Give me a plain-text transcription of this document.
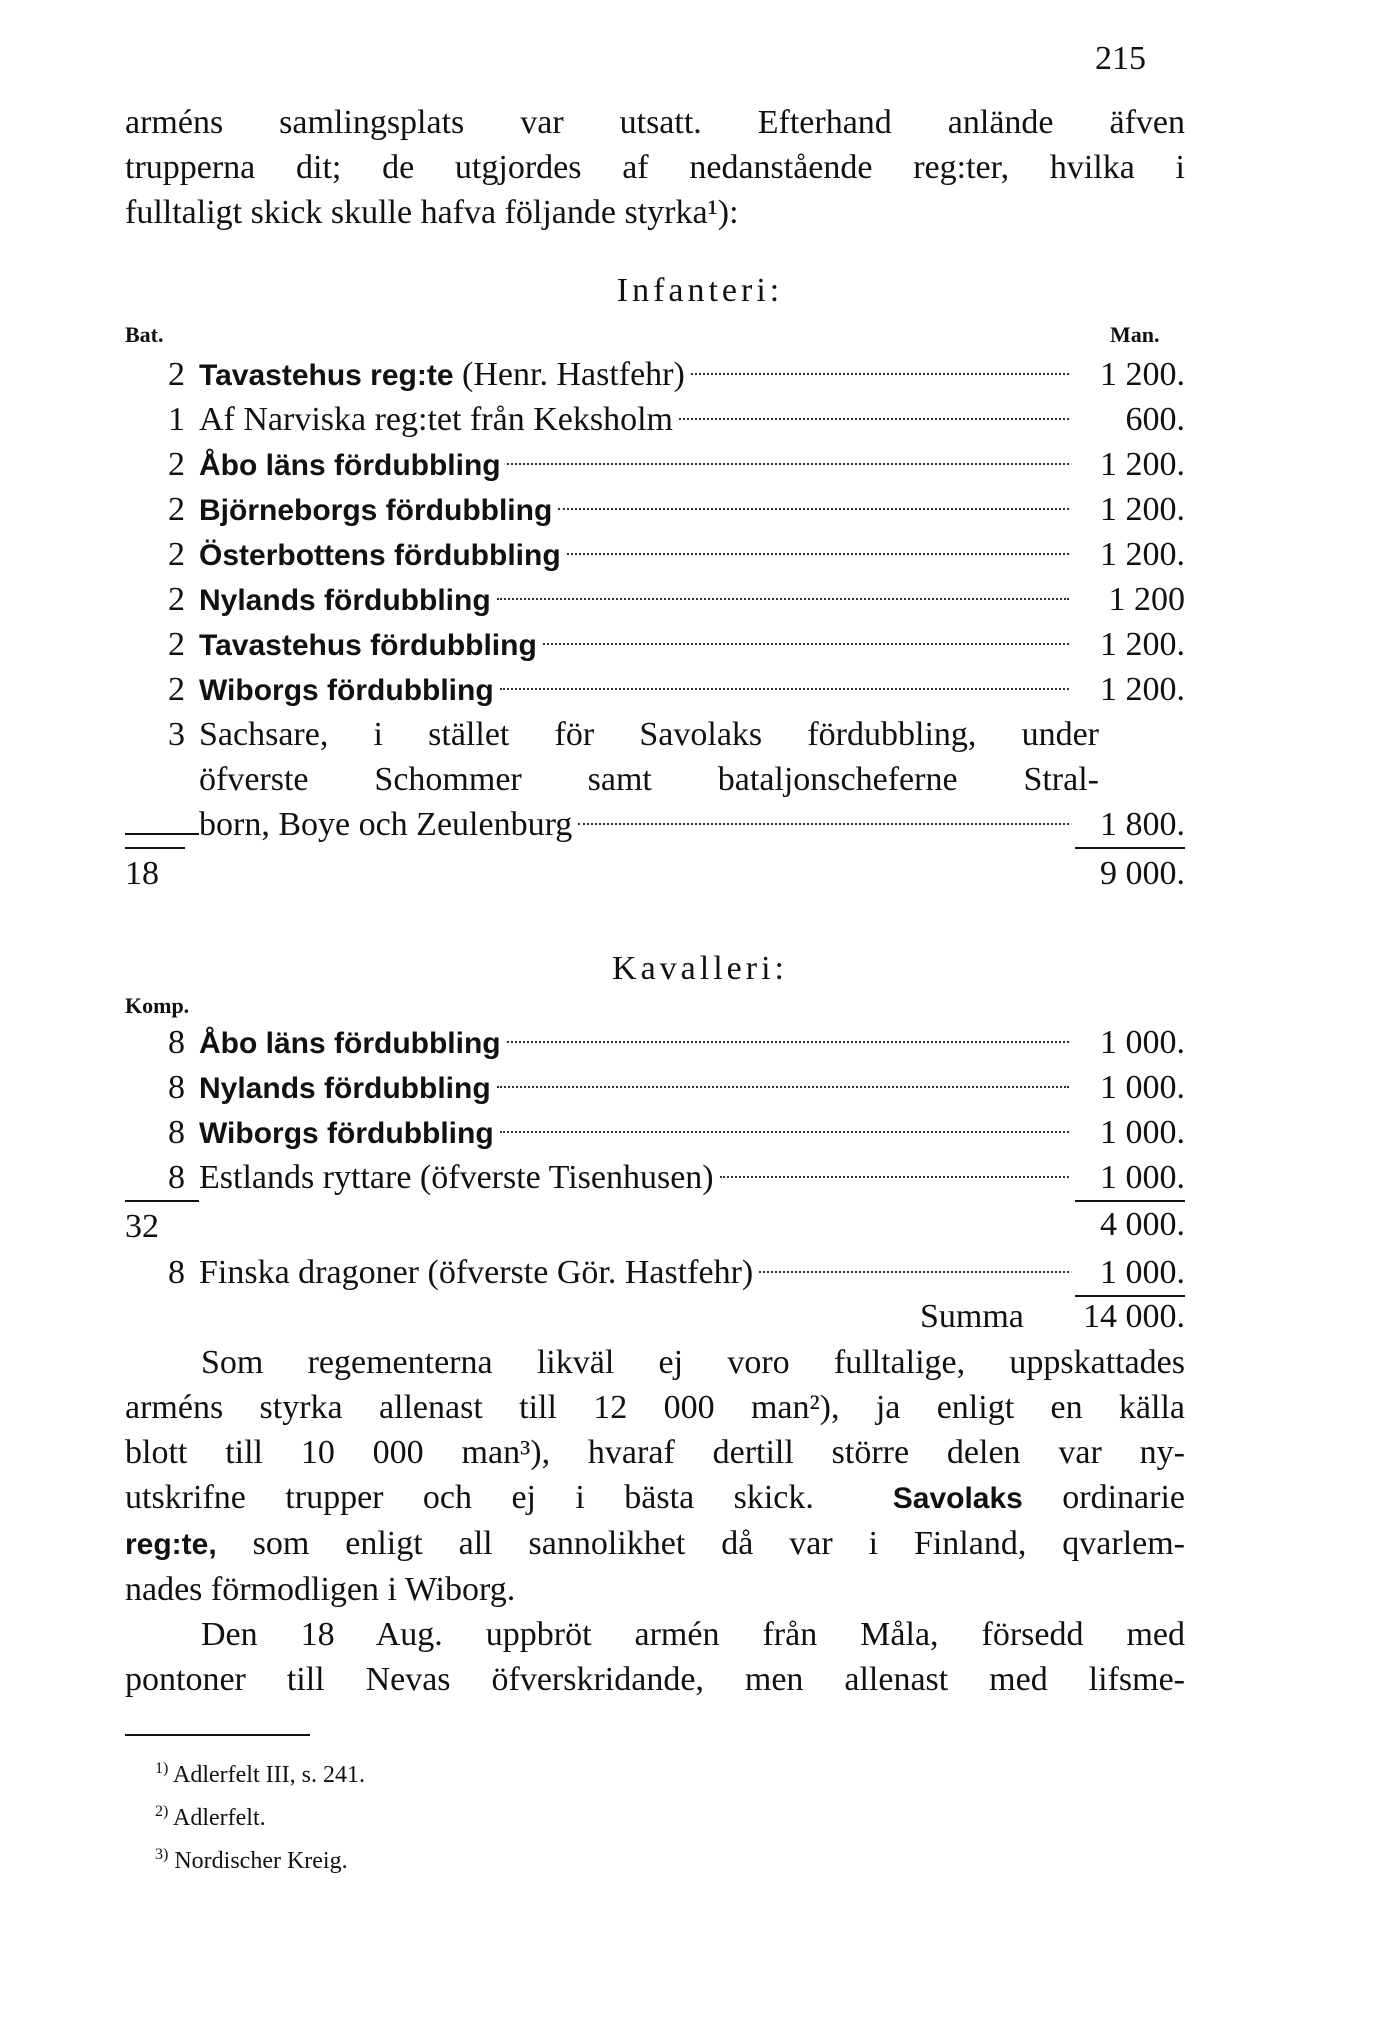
215
arméns samlingsplats var utsatt. Efterhand anlände äfven
trupperna dit; de utgjordes af nedanstående reg:ter, hvilka i
fulltaligt skick skulle hafva följande styrka¹):
Infanteri:
Bat.	Man.
2 Tavastehus reg:te (Henr. Hastfehr)	1 200.
1 Af Narviska reg:tet från Keksholm	600.
2 Åbo läns fördubbling	1 200.
2 Björneborgs fördubbling	1 200.
2 Österbottens fördubbling	1 200.
2 Nylands fördubbling	1 200
2 Tavastehus fördubbling	1 200.
2 Wiborgs fördubbling	1 200.
3 Sachsare, i stället för Savolaks fördubbling, under
öfverste Schommer samt bataljonscheferne Stral-
born, Boye och Zeulenburg	1 800.
18	9 000.
Kavalleri:
Komp.
8 Åbo läns fördubbling	1 000.
8 Nylands fördubbling	1 000.
8 Wiborgs fördubbling	1 000.
8 Estlands ryttare (öfverste Tisenhusen)	1 000.
32	4 000.
8 Finska dragoner (öfverste Gör. Hastfehr)	1 000.
Summa	14 000.
Som regementerna likväl ej voro fulltalige, uppskattades
arméns styrka allenast till 12 000 man²), ja enligt en källa
blott till 10 000 man³), hvaraf dertill större delen var ny-
utskrifne trupper och ej i bästa skick.	Savolaks ordinarie
reg:te, som enligt all sannolikhet då var i Finland, qvarlem-
nades förmodligen i Wiborg.
Den 18 Aug. uppbröt armén från Måla, försedd med
pontoner till Nevas öfverskridande, men allenast med lifsme-
$^{1)}$ Adlerfelt III, s. 241.
$^{2)}$ Adlerfelt.
$^{3)}$ Nordischer Kreig.
